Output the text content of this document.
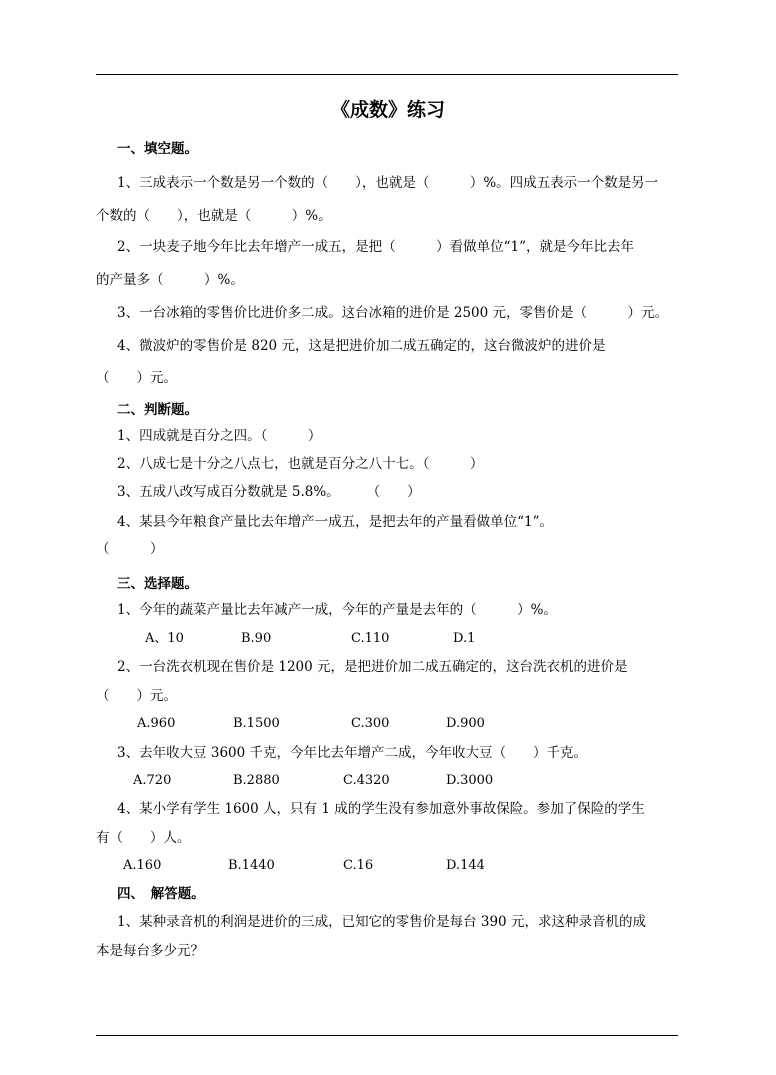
《成数》练习
一、填空题。
1、三成表示一个数是另一个数的（　　），也就是（　　　）%。四成五表示一个数是另一
个数的（　　），也就是（　　　）%。
2、一块麦子地今年比去年增产一成五，是把（　　　）看做单位“1”，就是今年比去年
的产量多（　　　）%。
3、一台冰箱的零售价比进价多二成。这台冰箱的进价是 2500 元，零售价是（　　　）元。
4、微波炉的零售价是 820 元，这是把进价加二成五确定的，这台微波炉的进价是
（　　）元。
二、判断题。
1、四成就是百分之四。（　　　）
2、八成七是十分之八点七，也就是百分之八十七。（　　　）
3、五成八改写成百分数就是 5.8%。　　　（　　）
4、某县今年粮食产量比去年增产一成五，是把去年的产量看做单位“1”。
（　　　）
三、选择题。
1、今年的蔬菜产量比去年减产一成，今年的产量是去年的（　　　）%。
A、10	B.90	C.110	D.1
2、一台洗衣机现在售价是 1200 元，是把进价加二成五确定的，这台洗衣机的进价是
（　　）元。
A.960	B.1500	C.300	D.900
3、去年收大豆 3600 千克，今年比去年增产二成，今年收大豆（　　）千克。
A.720	B.2880	C.4320	D.3000
4、某小学有学生 1600 人，只有 1 成的学生没有参加意外事故保险。参加了保险的学生
有（　　）人。
A.160	B.1440	C.16	D.144
四、　解答题。
1、某种录音机的利润是进价的三成，已知它的零售价是每台 390 元，求这种录音机的成
本是每台多少元？
